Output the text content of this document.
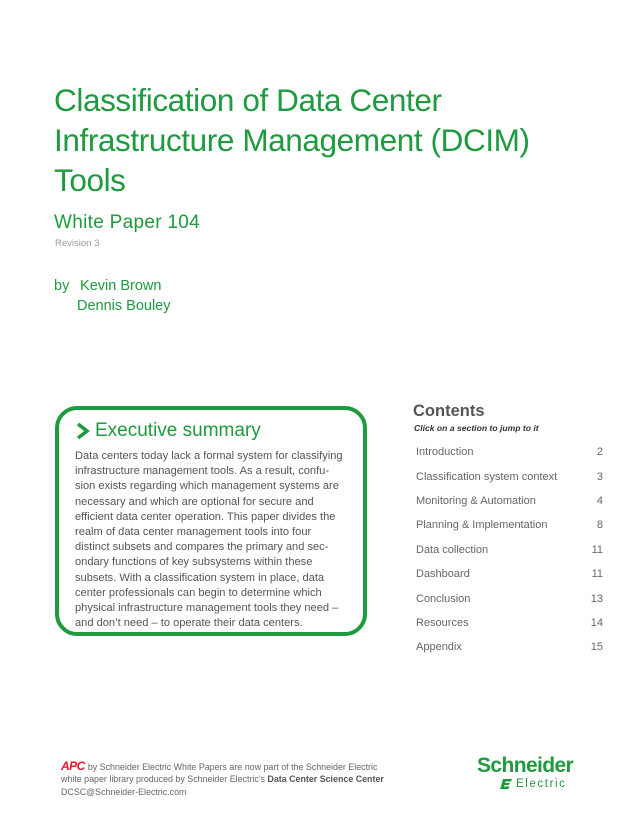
Classification of Data Center
Infrastructure Management (DCIM)
Tools
White Paper 104
Revision 3
by Kevin Brown
Dennis Bouley
Executive summary
Data centers today lack a formal system for classifying
infrastructure management tools. As a result, confu-
sion exists regarding which management systems are
necessary and which are optional for secure and
efficient data center operation. This paper divides the
realm of data center management tools into four
distinct subsets and compares the primary and sec-
ondary functions of key subsystems within these
subsets. With a classification system in place, data
center professionals can begin to determine which
physical infrastructure management tools they need –
and don’t need – to operate their data centers.
Contents
Click on a section to jump to it
Introduction	2
Classification system context	3
Monitoring & Automation	4
Planning & Implementation	8
Data collection	11
Dashboard	11
Conclusion	13
Resources	14
Appendix	15
APC by Schneider Electric White Papers are now part of the Schneider Electric
white paper library produced by Schneider Electric's Data Center Science Center
DCSC@Schneider-Electric.com
Schneider
Electric
